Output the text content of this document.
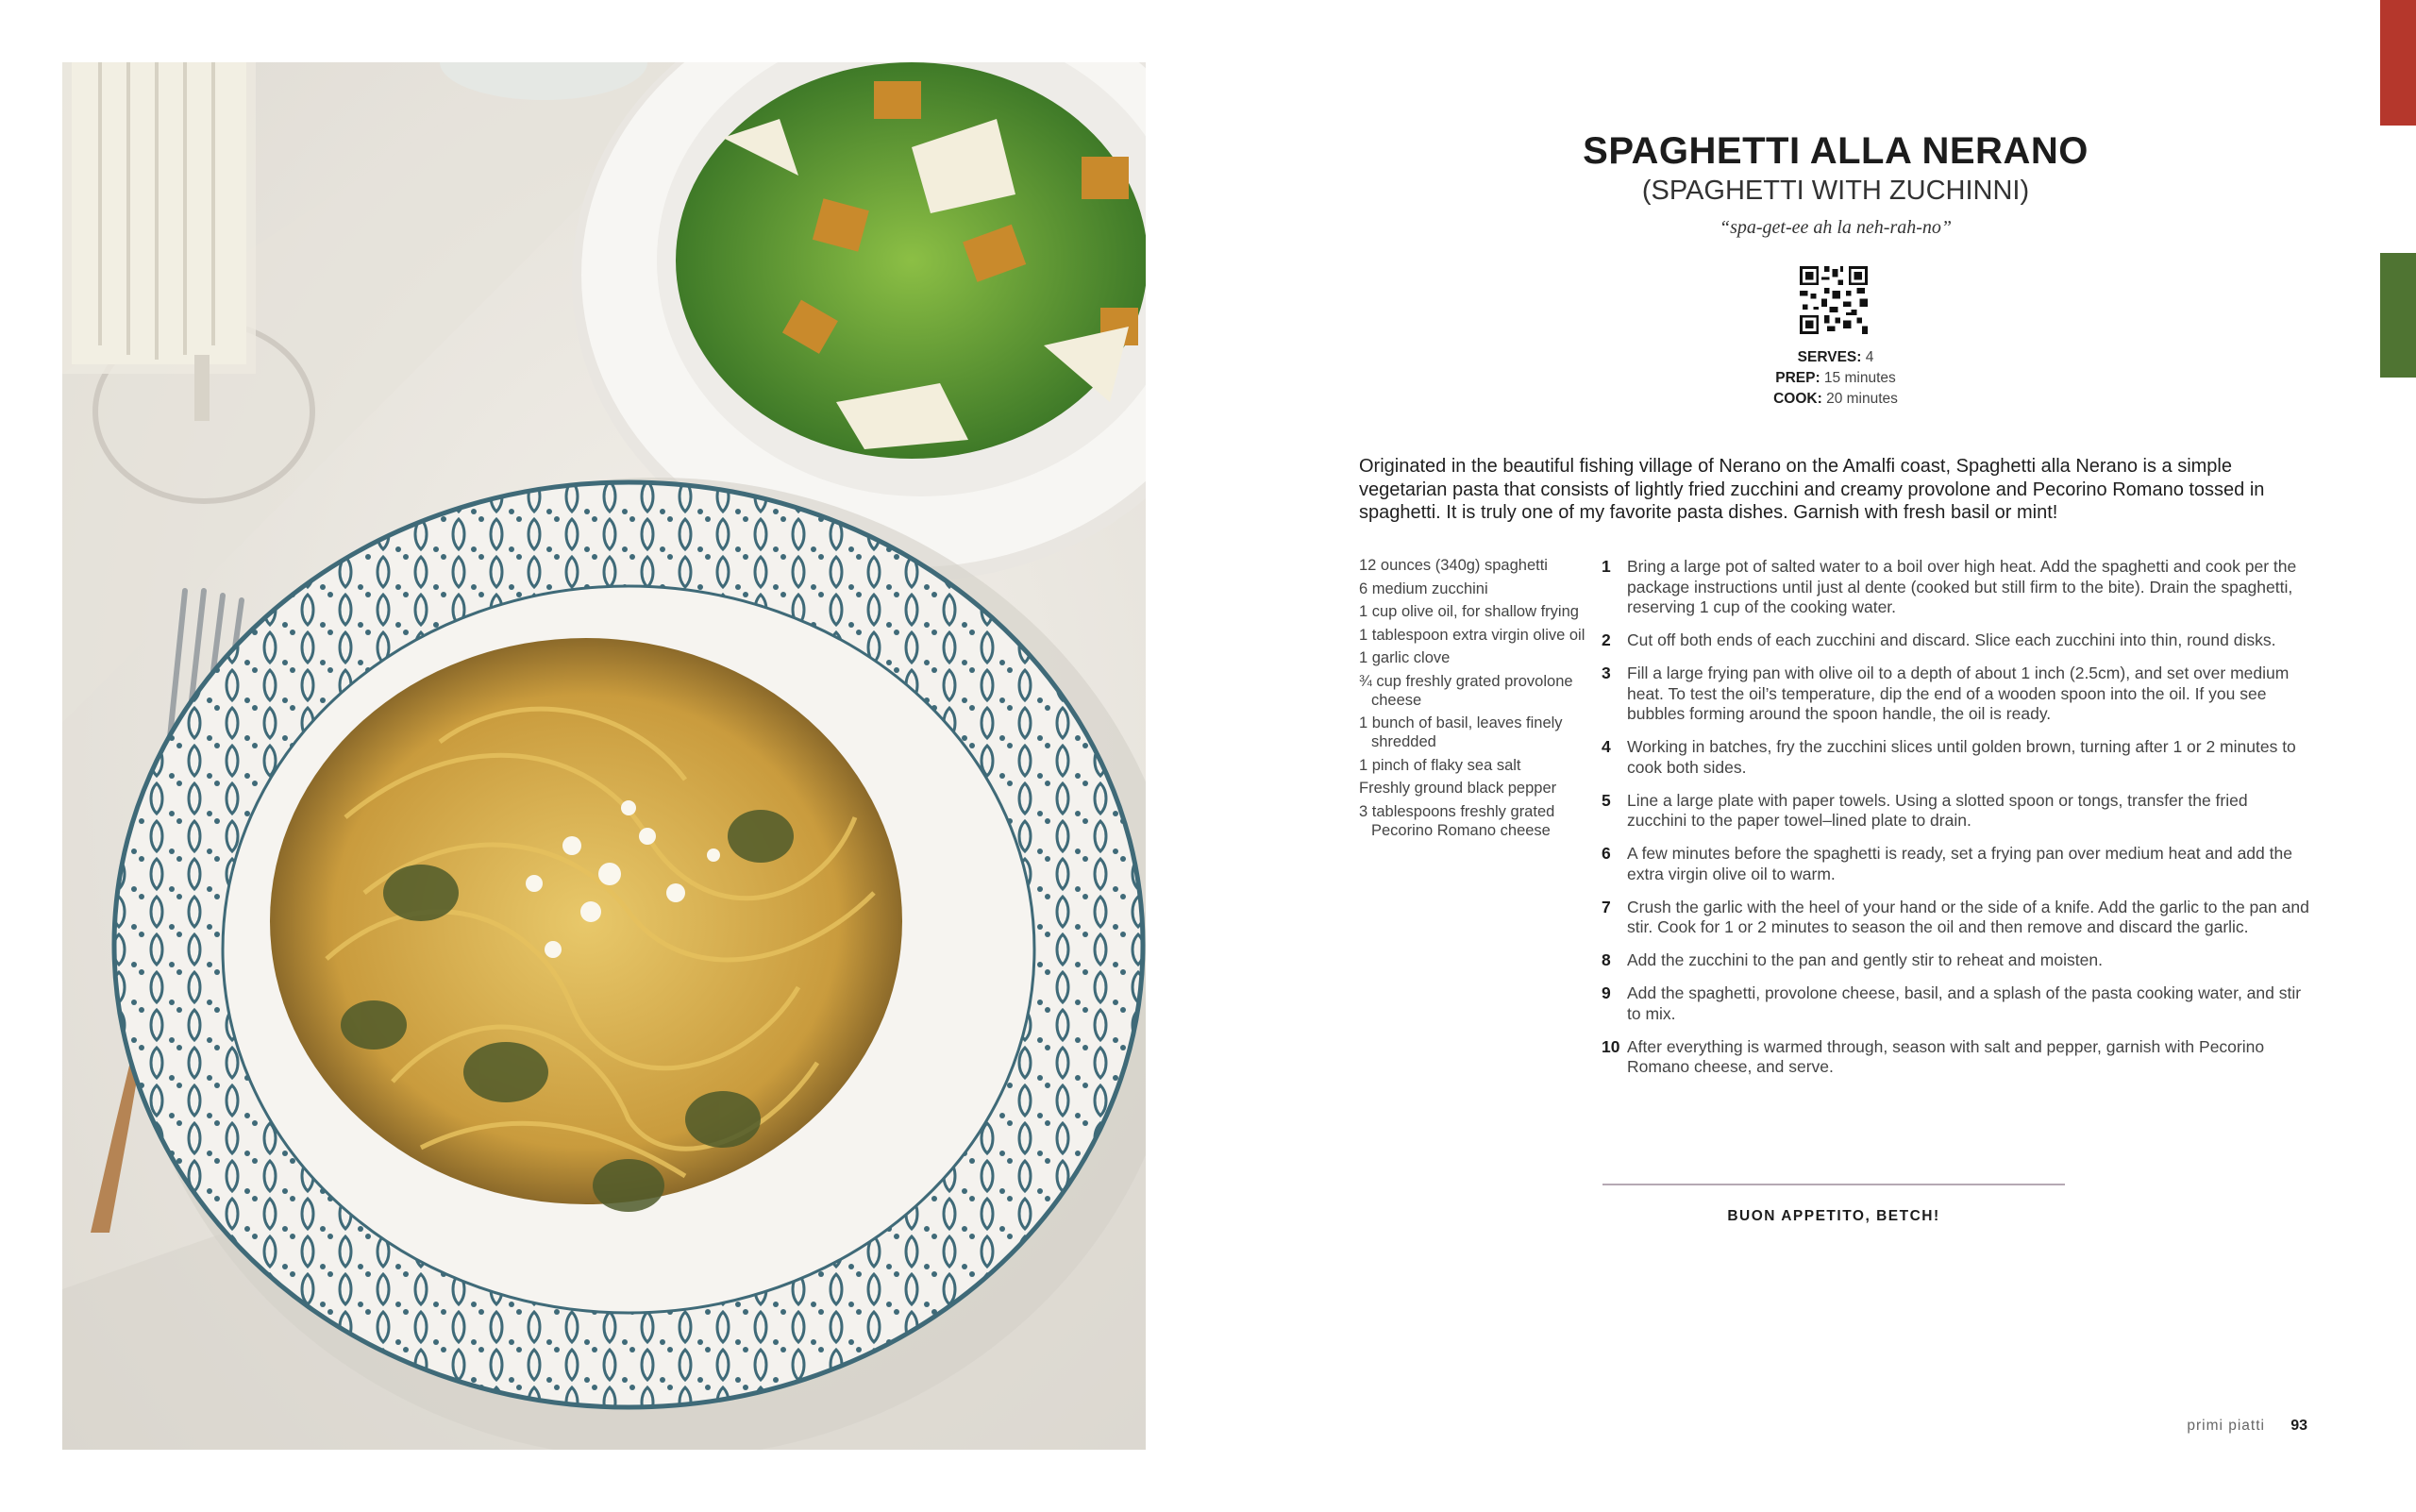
SPAGHETTI ALLA NERANO
(SPAGHETTI WITH ZUCHINNI)
“spa-get-ee ah la neh-rah-no”
SERVES: 4
PREP: 15 minutes
COOK: 20 minutes
Originated in the beautiful fishing village of Nerano on the Amalfi coast, Spaghetti alla Nerano is a simple vegetarian pasta that consists of lightly fried zucchini and creamy provolone and Pecorino Romano tossed in spaghetti. It is truly one of my favorite pasta dishes. Garnish with fresh basil or mint!
12 ounces (340g) spaghetti
6 medium zucchini
1 cup olive oil, for shallow frying
1 tablespoon extra virgin olive oil
1 garlic clove
¾ cup freshly grated provolone cheese
1 bunch of basil, leaves finely shredded
1 pinch of flaky sea salt
Freshly ground black pepper
3 tablespoons freshly grated Pecorino Romano cheese
1 Bring a large pot of salted water to a boil over high heat. Add the spaghetti and cook per the package instructions until just al dente (cooked but still firm to the bite). Drain the spaghetti, reserving 1 cup of the cooking water.
2 Cut off both ends of each zucchini and discard. Slice each zucchini into thin, round disks.
3 Fill a large frying pan with olive oil to a depth of about 1 inch (2.5cm), and set over medium heat. To test the oil’s temperature, dip the end of a wooden spoon into the oil. If you see bubbles forming around the spoon handle, the oil is ready.
4 Working in batches, fry the zucchini slices until golden brown, turning after 1 or 2 minutes to cook both sides.
5 Line a large plate with paper towels. Using a slotted spoon or tongs, transfer the fried zucchini to the paper towel–lined plate to drain.
6 A few minutes before the spaghetti is ready, set a frying pan over medium heat and add the extra virgin olive oil to warm.
7 Crush the garlic with the heel of your hand or the side of a knife. Add the garlic to the pan and stir. Cook for 1 or 2 minutes to season the oil and then remove and discard the garlic.
8 Add the zucchini to the pan and gently stir to reheat and moisten.
9 Add the spaghetti, provolone cheese, basil, and a splash of the pasta cooking water, and stir to mix.
10 After everything is warmed through, season with salt and pepper, garnish with Pecorino Romano cheese, and serve.
BUON APPETITO, BETCH!
primi piatti	93
